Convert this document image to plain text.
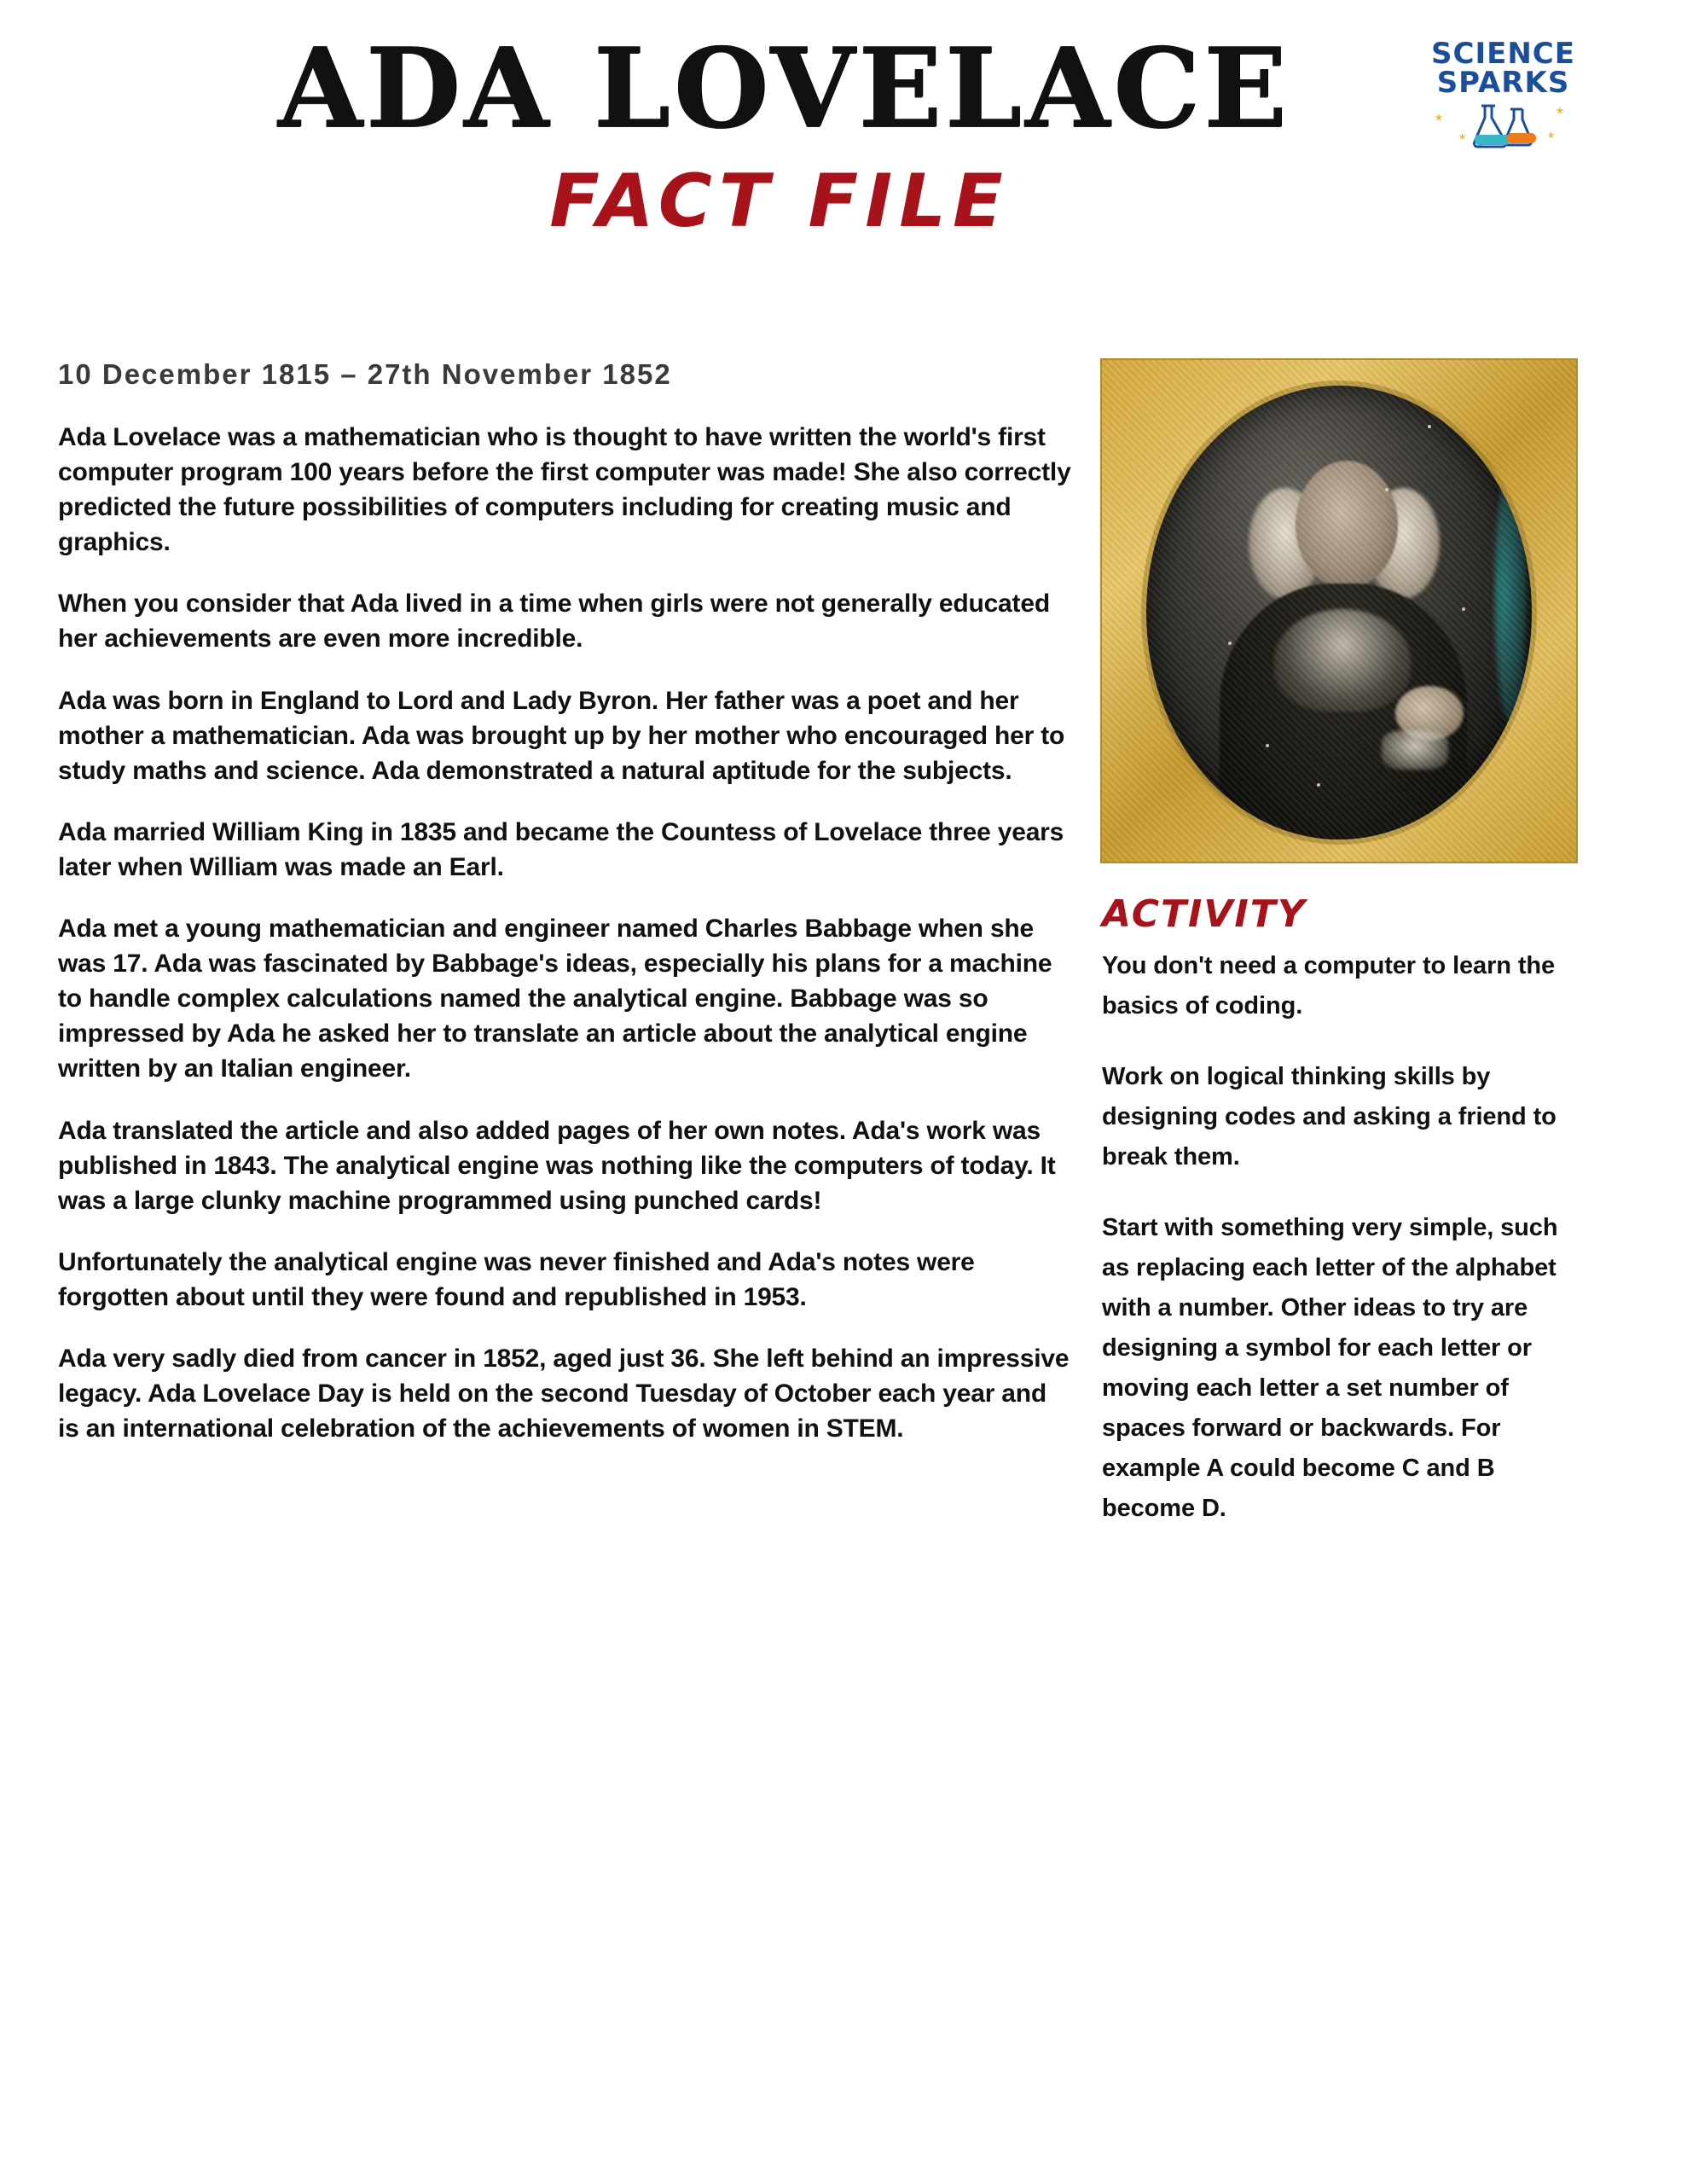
ADA LOVELACE
FACT FILE
SCIENCE
SPARKS
*	*
*	*
10 December 1815 – 27th November 1852

Ada Lovelace was a mathematician who is thought to have written the world's first computer program 100 years before the first computer was made! She also correctly predicted the future possibilities of computers including for creating music and graphics.

When you consider that Ada lived in a time when girls were not generally educated her achievements are even more incredible.

Ada was born in England to Lord and Lady Byron. Her father was a poet and her mother a mathematician. Ada was brought up by her mother who encouraged her to study maths and science. Ada demonstrated a natural aptitude for the subjects.

Ada married William King in 1835 and became the Countess of Lovelace three years later when William was made an Earl.

Ada met a young mathematician and engineer named Charles Babbage when she was 17. Ada was fascinated by Babbage's ideas, especially his plans for a machine to handle complex calculations named the analytical engine. Babbage was so impressed by Ada he asked her to translate an article about the analytical engine written by an Italian engineer.

Ada translated the article and also added pages of her own notes. Ada's work was published in 1843. The analytical engine was nothing like the computers of today. It was a large clunky machine programmed using punched cards!

Unfortunately the analytical engine was never finished and Ada's notes were forgotten about until they were found and republished in 1953.

Ada very sadly died from cancer in 1852, aged just 36. She left behind an impressive legacy. Ada Lovelace Day is held on the second Tuesday of October each year and is an international celebration of the achievements of women in STEM.

ACTIVITY

You don't need a computer to learn the basics of coding.

Work on logical thinking skills by designing codes and asking a friend to break them.

Start with something very simple, such as replacing each letter of the alphabet with a number. Other ideas to try are designing a symbol for each letter or moving each letter a set number of spaces forward or backwards. For example A could become C and B become D.
